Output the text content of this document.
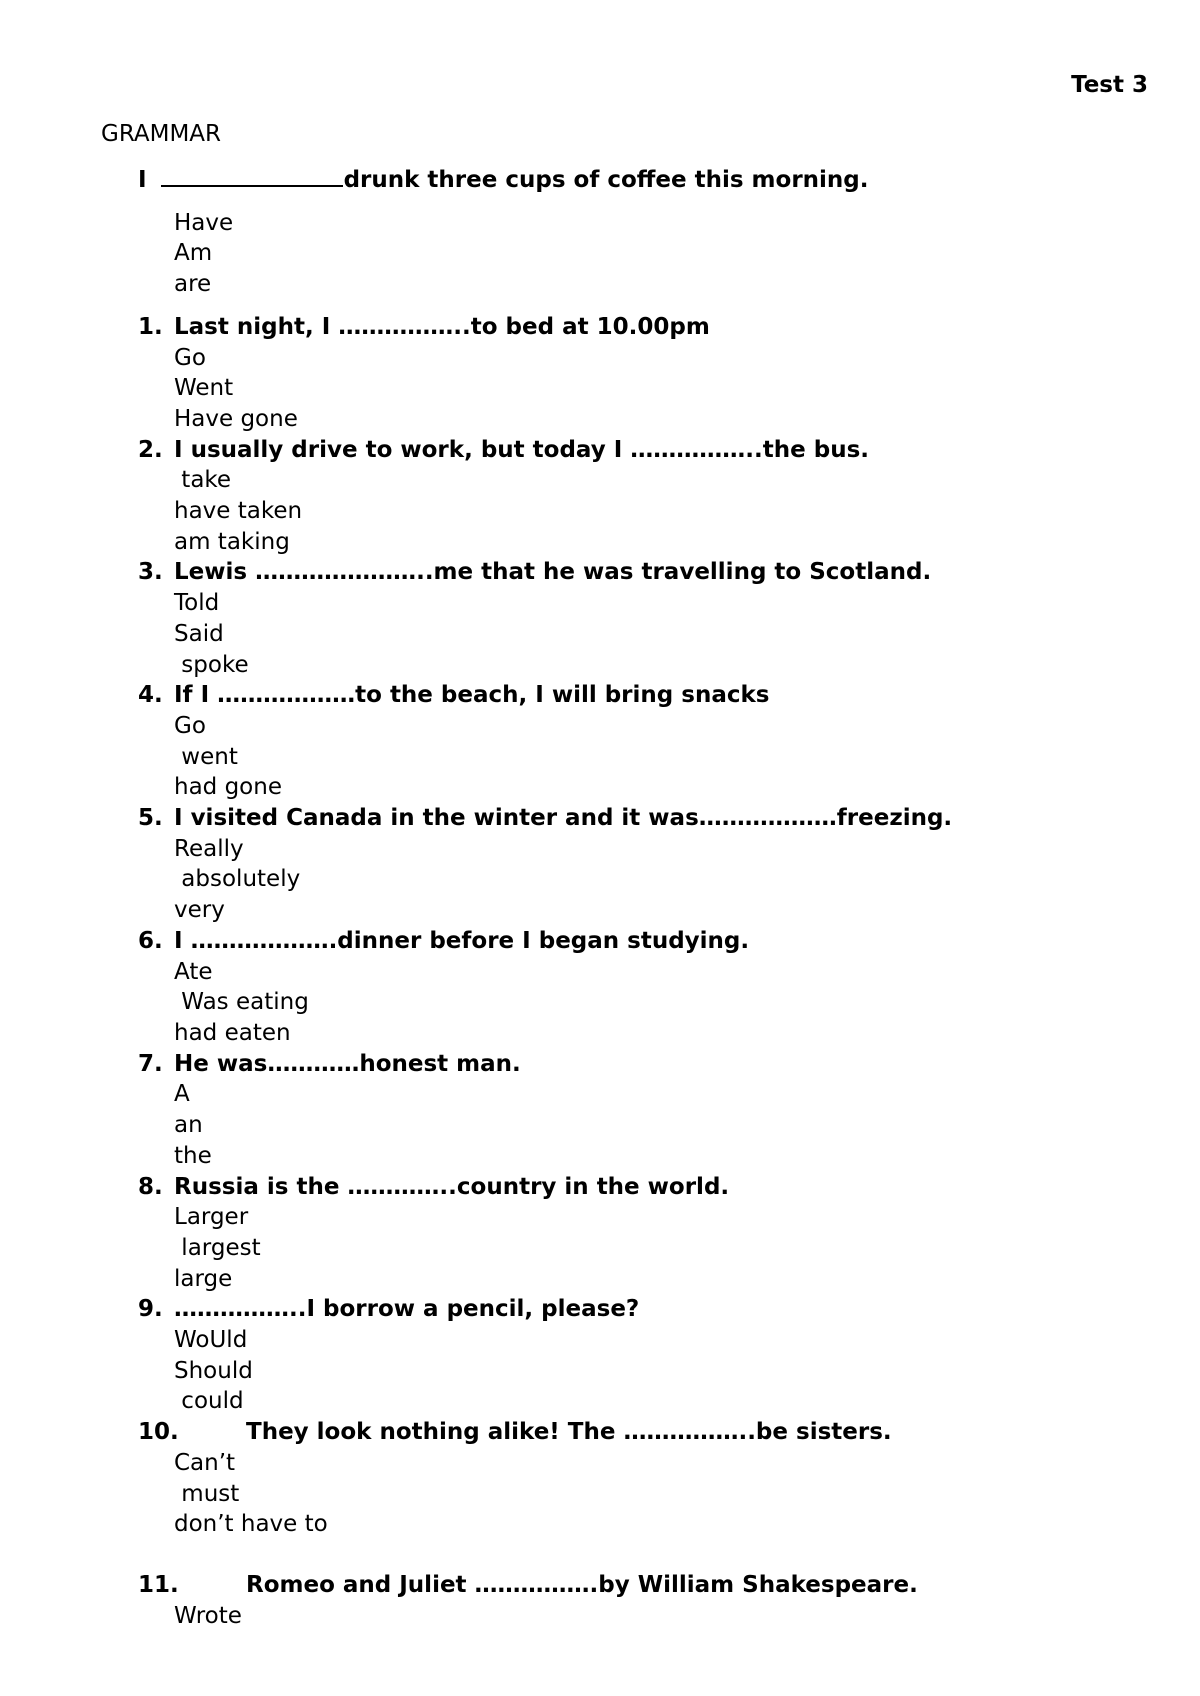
Test 3

GRAMMAR

I	drunk three cups of coffee this morning.
Have
Am
are
1. Last night, I ……………..to bed at 10.00pm
Go
Went
Have gone
2. I usually drive to work, but today I ……………..the bus.
take
have taken
am taking
3. Lewis …………………..me that he was travelling to Scotland.
Told
Said
spoke
4. If I ………………to the beach, I will bring snacks
Go
went
had gone
5. I visited Canada in the winter and it was………………freezing.
Really
absolutely
very
6. I ……………….dinner before I began studying.
Ate
Was eating
had eaten
7. He was…………honest man.
A
an
the
8. Russia is the …………..country in the world.
Larger
largest
large
9. ……………..I borrow a pencil, please?
WoUld
Should
could
10.	They look nothing alike! The ……………..be sisters.
Can’t
must
don’t have to
11.	Romeo and Juliet …………….by William Shakespeare.
Wrote
